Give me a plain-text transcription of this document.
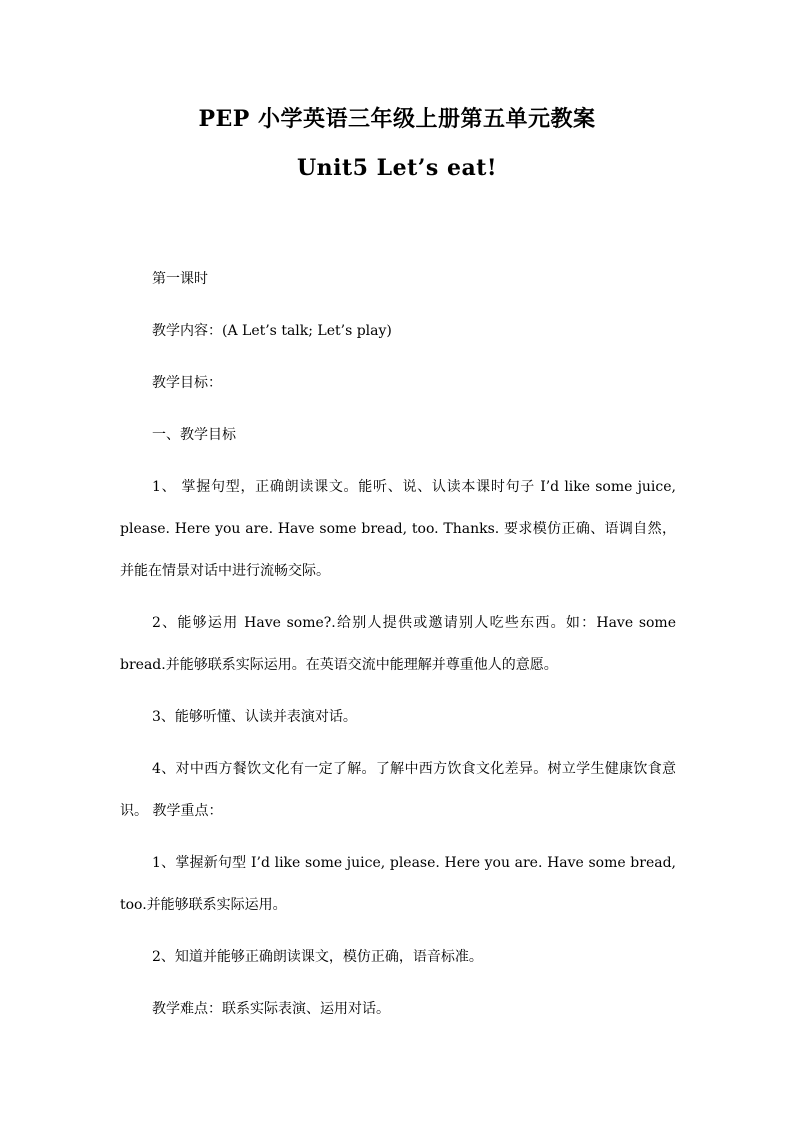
PEP 小学英语三年级上册第五单元教案
Unit5 Let’s eat!

第一课时

教学内容：(A Let’s talk; Let’s play)

教学目标：

一、教学目标

1、 掌握句型，正确朗读课文。能听、说、认读本课时句子 I’d like some juice, please. Here you are. Have some bread, too. Thanks. 要求模仿正确、语调自然，并能在情景对话中进行流畅交际。

2、能够运用 Have some?.给别人提供或邀请别人吃些东西。如：Have some bread.并能够联系实际运用。在英语交流中能理解并尊重他人的意愿。

3、能够听懂、认读并表演对话。

4、对中西方餐饮文化有一定了解。了解中西方饮食文化差异。树立学生健康饮食意识。 教学重点：

1、掌握新句型 I’d like some juice, please. Here you are. Have some bread, too.并能够联系实际运用。

2、知道并能够正确朗读课文，模仿正确，语音标准。

教学难点：联系实际表演、运用对话。
